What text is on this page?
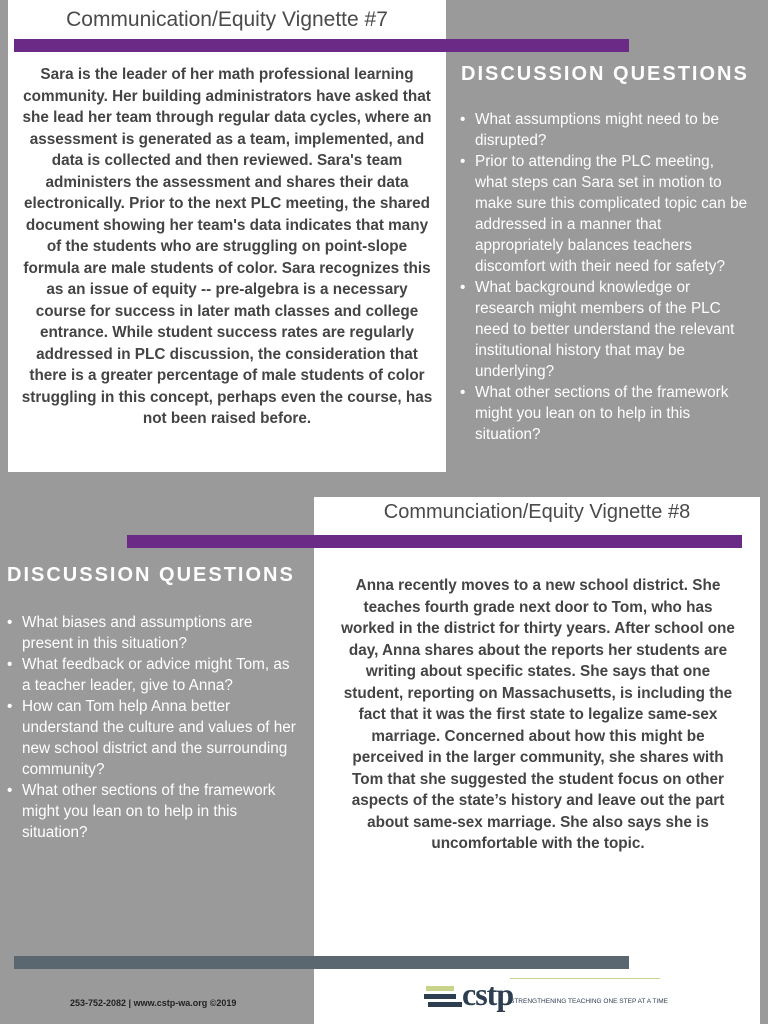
Communication/Equity Vignette #7

Sara is the leader of her math professional learning community. Her building administrators have asked that she lead her team through regular data cycles, where an assessment is generated as a team, implemented, and data is collected and then reviewed. Sara's team administers the assessment and shares their data electronically. Prior to the next PLC meeting, the shared document showing her team's data indicates that many of the students who are struggling on point-slope formula are male students of color. Sara recognizes this as an issue of equity -- pre-algebra is a necessary course for success in later math classes and college entrance. While student success rates are regularly addressed in PLC discussion, the consideration that there is a greater percentage of male students of color struggling in this concept, perhaps even the course, has not been raised before.

DISCUSSION QUESTIONS
• What assumptions might need to be disrupted?
• Prior to attending the PLC meeting, what steps can Sara set in motion to make sure this complicated topic can be addressed in a manner that appropriately balances teachers discomfort with their need for safety?
• What background knowledge or research might members of the PLC need to better understand the relevant institutional history that may be underlying?
• What other sections of the framework might you lean on to help in this situation?
Communciation/Equity Vignette #8
DISCUSSION QUESTIONS
• What biases and assumptions are present in this situation?
• What feedback or advice might Tom, as a teacher leader, give to Anna?
• How can Tom help Anna better understand the culture and values of her new school district and the surrounding community?
• What other sections of the framework might you lean on to help in this situation?

Anna recently moves to a new school district. She teaches fourth grade next door to Tom, who has worked in the district for thirty years. After school one day, Anna shares about the reports her students are writing about specific states. She says that one student, reporting on Massachusetts, is including the fact that it was the first state to legalize same-sex marriage. Concerned about how this might be perceived in the larger community, she shares with Tom that she suggested the student focus on other aspects of the state’s history and leave out the part about same-sex marriage. She also says she is uncomfortable with the topic.

253-752-2082 | www.cstp-wa.org ©2019	cstp
STRENGTHENING TEACHING ONE STEP AT A TIME
